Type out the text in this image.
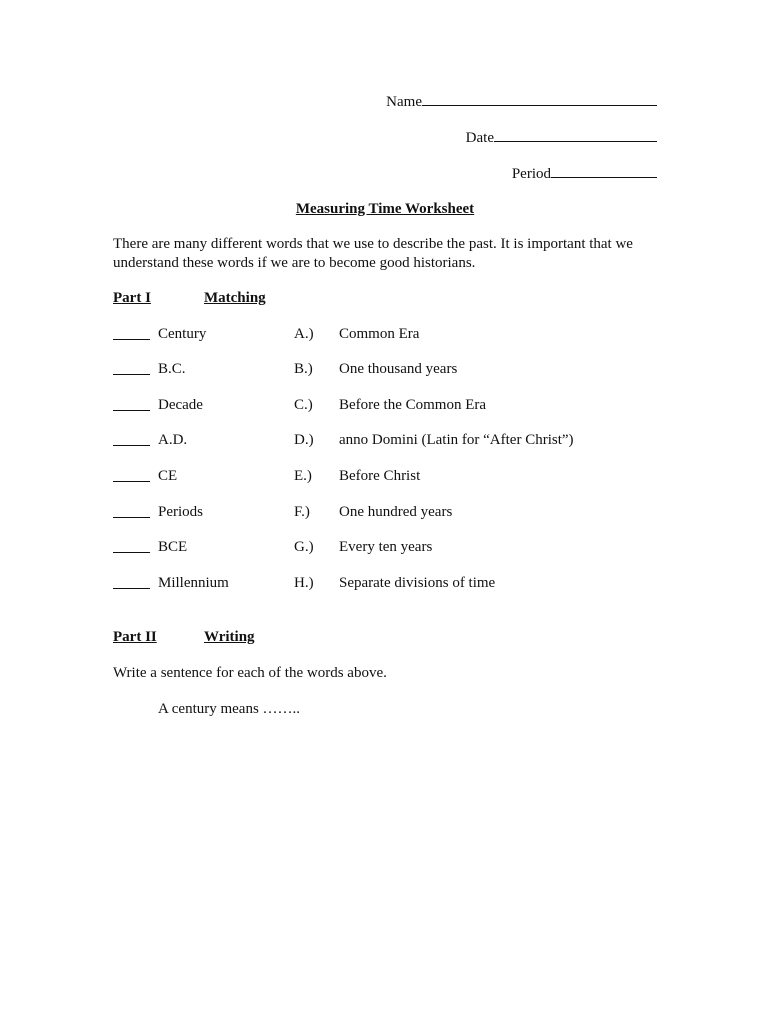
Name
Date
Period
Measuring Time Worksheet
There are many different words that we use to describe the past. It is important that we understand these words if we are to become good historians.
Part I	Matching
Century	A.) Common Era
B.C.	B.) One thousand years
Decade	C.) Before the Common Era
A.D.	D.) anno Domini (Latin for “After Christ”)
CE	E.) Before Christ
Periods	F.) One hundred years
BCE	G.) Every ten years
Millennium	H.) Separate divisions of time
Part II	Writing
Write a sentence for each of the words above.
A century means ……..
